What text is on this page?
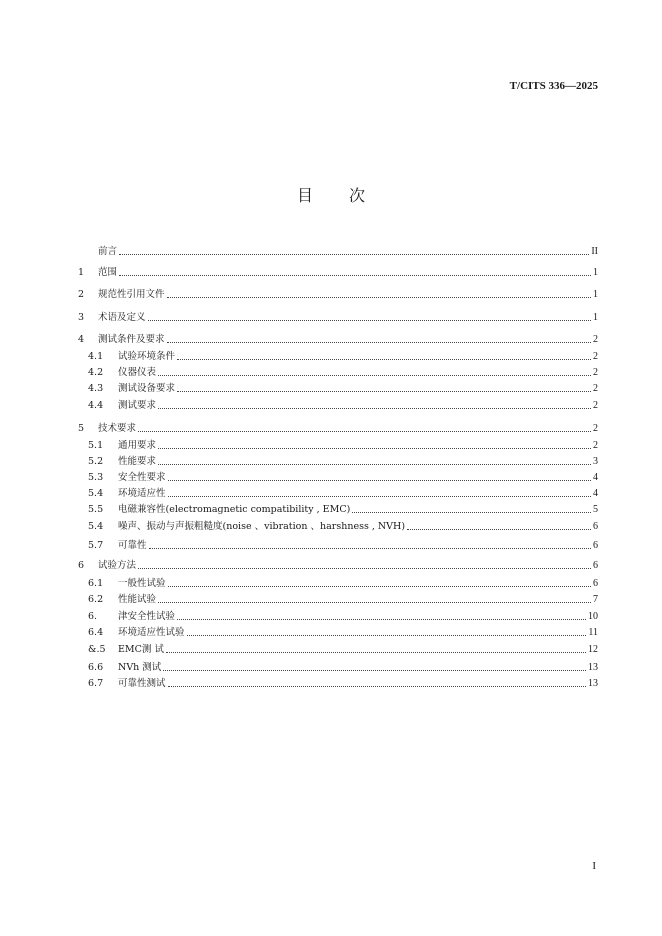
T/CITS 336—2025
目 次
前言	II
1	范围	1
2	规范性引用文件	1
3	术语及定义	1
4	测试条件及要求	2
4.1	试验环境条件	2
4.2	仪器仪表	2
4.3	测试设备要求	2
4.4	测试要求	2
5	技术要求	2
5.1	通用要求	2
5.2	性能要求	3
5.3	安全性要求	4
5.4	环境适应性	4
5.5	电磁兼容性(electromagnetic compatibility , EMC)	5
5.4	噪声、振动与声振粗糙度(noise 、vibration 、harshness , NVH)	6
5.7	可靠性	6
6	试验方法	6
6.1	一般性试验	6
6.2	性能试验	7
6.	津安全性试验	10
6.4	环境适应性试验	11
&.5	EMC测 试	12
6.6	NVh 测试	13
6.7	可靠性测试	13
I
